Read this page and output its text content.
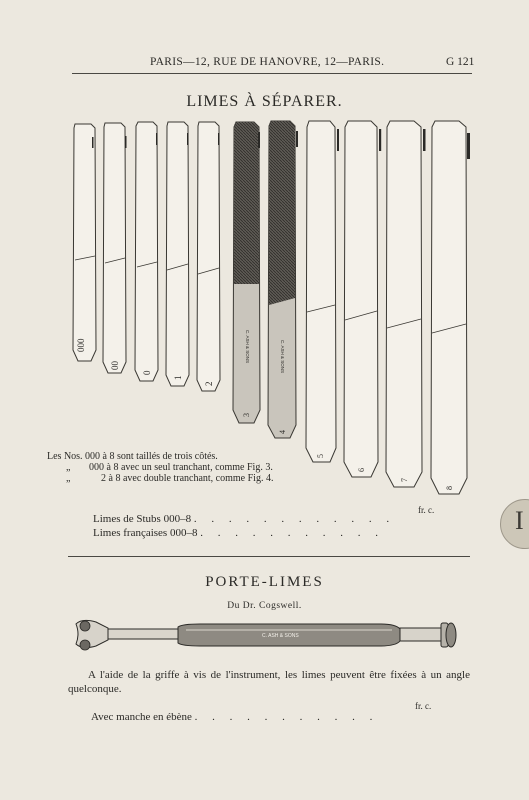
PARIS—12, RUE DE HANOVRE, 12—PARIS.	G 121
LIMES À SÉPARER.
000
00
0
1
2
C. ASH & SONS
3
C. ASH & SONS
4
5
6
7
8
Les Nos. 000 à 8 sont taillés de trois côtés.
„ 000 à 8 avec un seul tranchant, comme Fig. 3.
„	2 à 8 avec double tranchant, comme Fig. 4.
fr. c.
Limes de Stubs 000–8 . . . . . . . . . . . .
Limes françaises 000–8 . . . . . . . . . . .
PORTE-LIMES
Du Dr. Cogswell.
C. ASH & SONS
A l'aide de la griffe à vis de l'instrument, les limes peuvent être fixées à un angle quelconque.
fr. c.
Avec manche en ébène . . . . . . . . . . .
I
